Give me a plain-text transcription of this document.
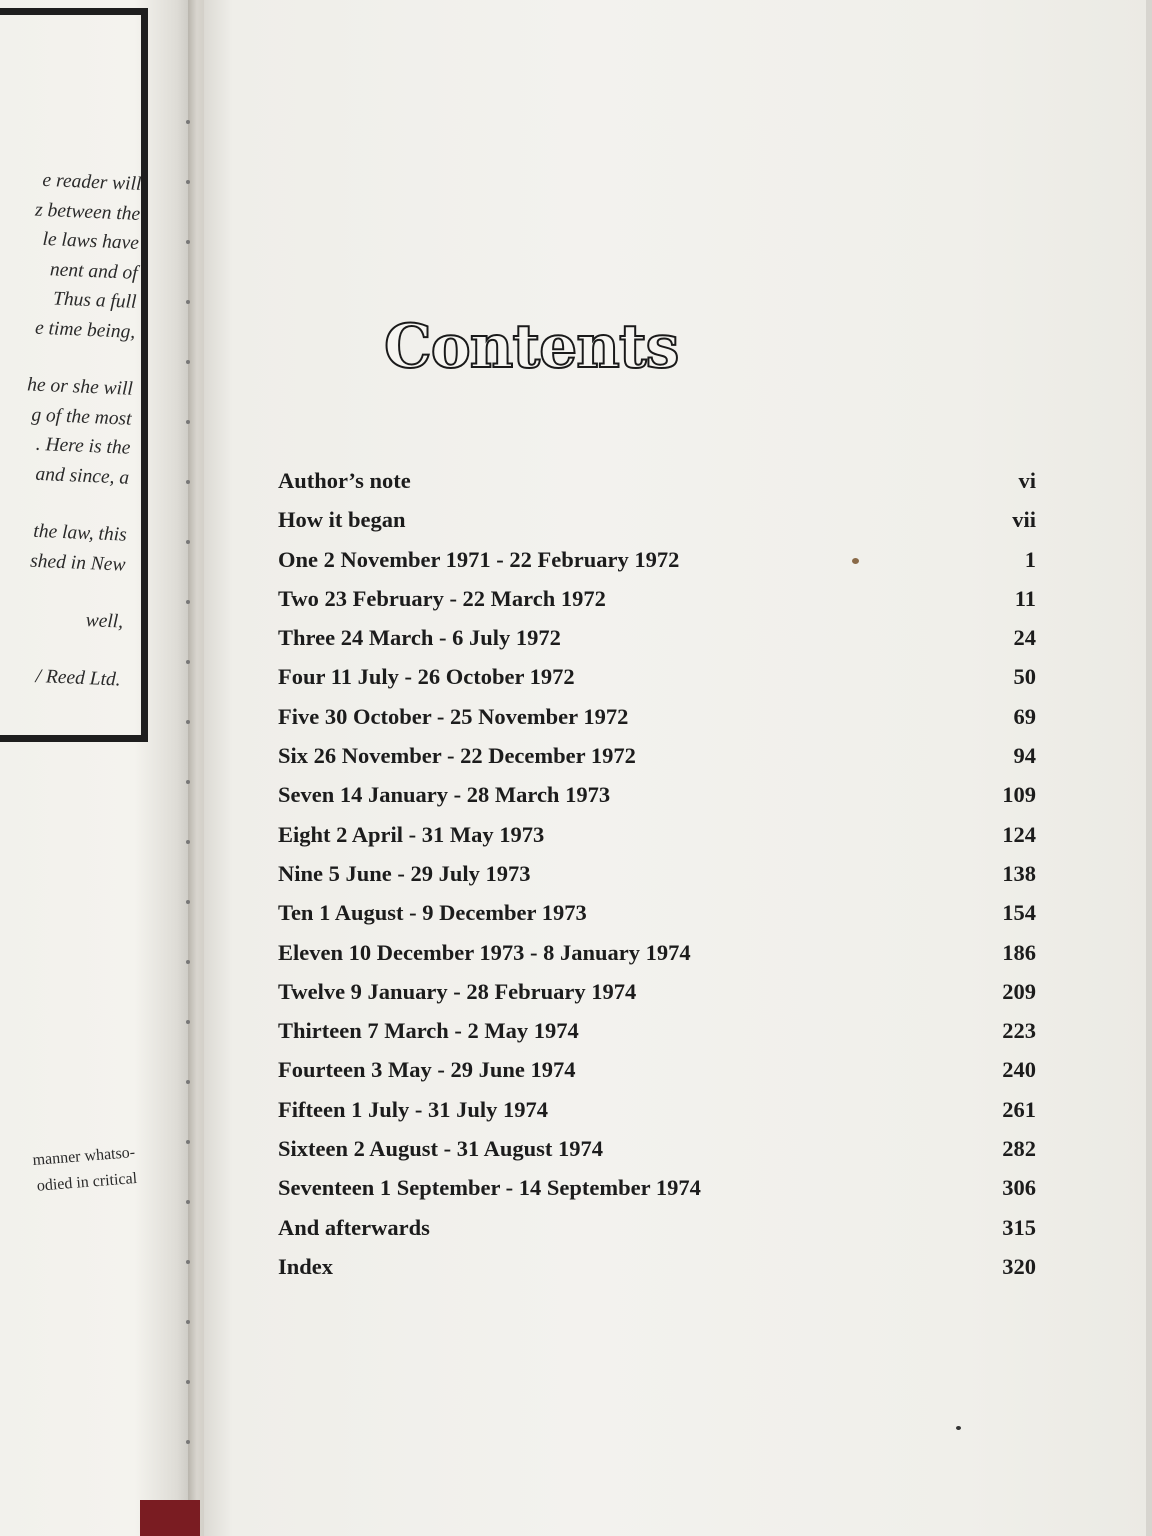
e reader will
z between the
le laws have
nent and of
Thus a full
e time being,
he or she will
g of the most
. Here is the
and since, a
the law, this
shed in New
well,
/ Reed Ltd.
manner whatso-
odied in critical
Contents
Author’s note	vi
How it began	vii
One 2 November 1971 - 22 February 1972	1
Two 23 February - 22 March 1972	11
Three 24 March - 6 July 1972	24
Four 11 July - 26 October 1972	50
Five 30 October - 25 November 1972	69
Six 26 November - 22 December 1972	94
Seven 14 January - 28 March 1973	109
Eight 2 April - 31 May 1973	124
Nine 5 June - 29 July 1973	138
Ten 1 August - 9 December 1973	154
Eleven 10 December 1973 - 8 January 1974	186
Twelve 9 January - 28 February 1974	209
Thirteen 7 March - 2 May 1974	223
Fourteen 3 May - 29 June 1974	240
Fifteen 1 July - 31 July 1974	261
Sixteen 2 August - 31 August 1974	282
Seventeen 1 September - 14 September 1974	306
And afterwards	315
Index	320
